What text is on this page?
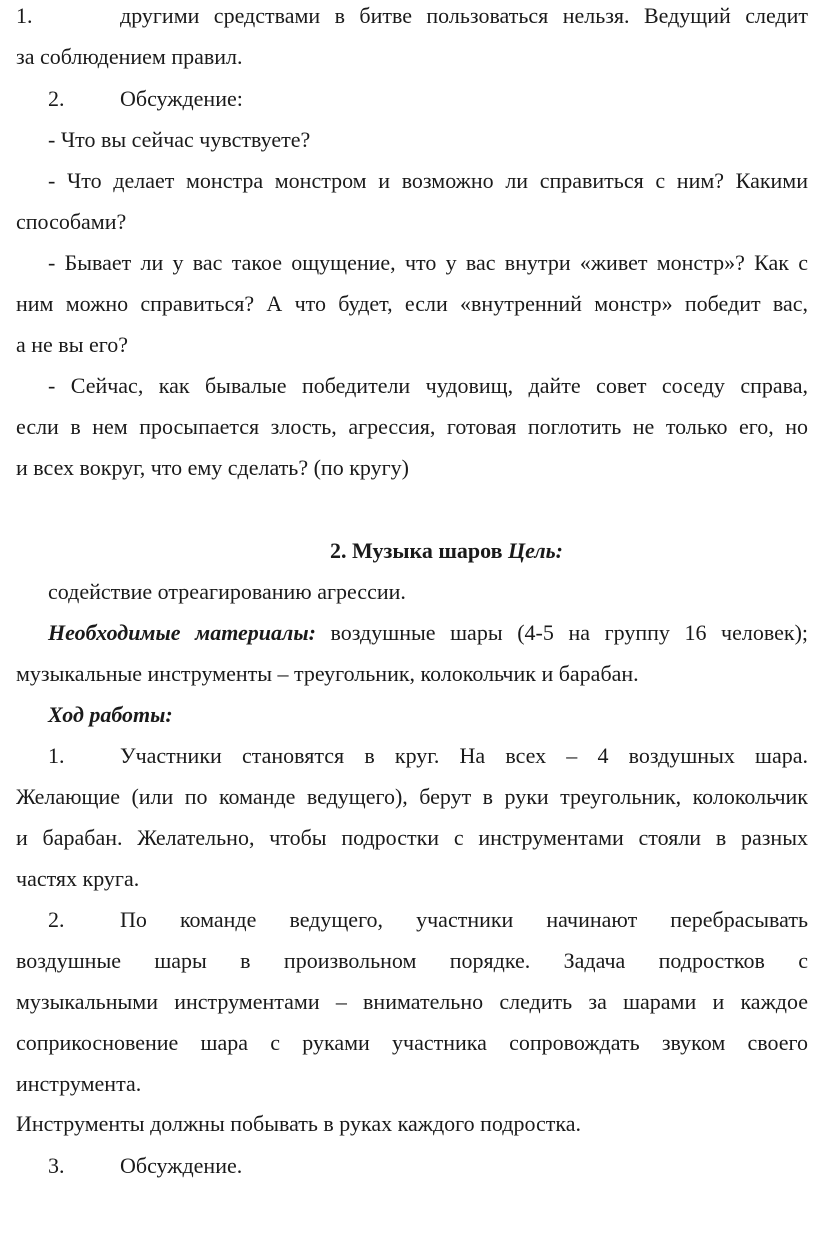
1.	другими средствами в битве пользоваться нельзя. Ведущий следит
за соблюдением правил.
2.	Обсуждение:
- Что вы сейчас чувствуете?
- Что делает монстра монстром и возможно ли справиться с ним? Какими
способами?
- Бывает ли у вас такое ощущение, что у вас внутри «живет монстр»? Как с
ним можно справиться? А что будет, если «внутренний монстр» победит вас,
а не вы его?
- Сейчас, как бывалые победители чудовищ, дайте совет соседу справа,
если в нем просыпается злость, агрессия, готовая поглотить не только его, но
и всех вокруг, что ему сделать? (по кругу)
2. Музыка шаров Цель:
содействие отреагированию агрессии.
Необходимые материалы: воздушные шары (4-5 на группу 16 человек);
музыкальные инструменты – треугольник, колокольчик и барабан.
Ход работы:
1.	Участники становятся в круг. На всех – 4 воздушных шара.
Желающие (или по команде ведущего), берут в руки треугольник, колокольчик
и барабан. Желательно, чтобы подростки с инструментами стояли в разных
частях круга.
2.	По команде ведущего, участники начинают перебрасывать
воздушные шары в произвольном порядке. Задача подростков с
музыкальными инструментами – внимательно следить за шарами и каждое
соприкосновение шара с руками участника сопровождать звуком своего
инструмента.
Инструменты должны побывать в руках каждого подростка.
3.	Обсуждение.
